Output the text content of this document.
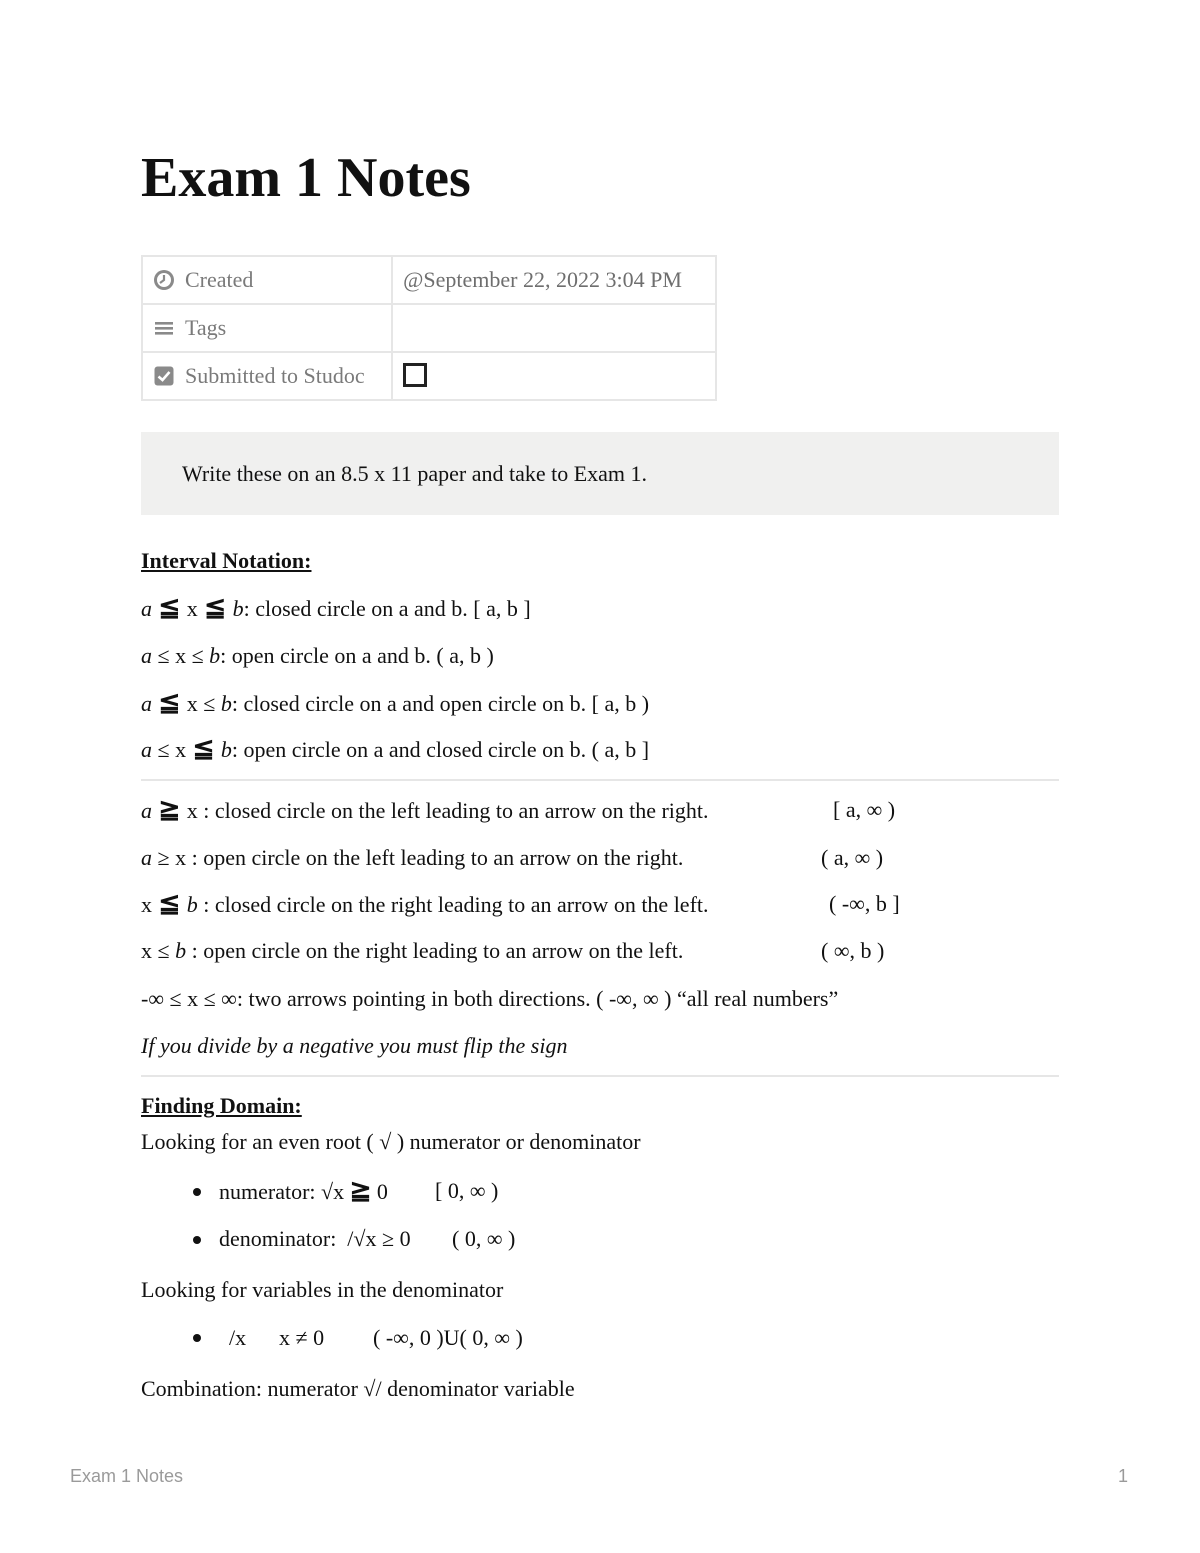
Exam 1 Notes
Created	@September 22, 2022 3:04 PM
Tags	
Submitted to Studoc	
Write these on an 8.5 x 11 paper and take to Exam 1.
Interval Notation:
a ≦ x ≦ b: closed circle on a and b. [ a, b ]
a ≤ x ≤ b: open circle on a and b. ( a, b )
a ≦ x ≤ b: closed circle on a and open circle on b. [ a, b )
a ≤ x ≦ b: open circle on a and closed circle on b. ( a, b ]
a ≧ x : closed circle on the left leading to an arrow on the right.	[ a, ∞ )
a ≥ x : open circle on the left leading to an arrow on the right.	( a, ∞ )
x ≦ b : closed circle on the right leading to an arrow on the left.	( -∞, b ]
x ≤ b : open circle on the right leading to an arrow on the left.	( ∞, b )
-∞ ≤ x ≤ ∞: two arrows pointing in both directions. ( -∞, ∞ ) “all real numbers”
If you divide by a negative you must flip the sign
Finding Domain:
Looking for an even root ( √ ) numerator or denominator
numerator: √x ≧ 0 [ 0, ∞ )
denominator:  /√x ≥ 0 ( 0, ∞ )
Looking for variables in the denominator
/x x ≠ 0 ( -∞, 0 )U( 0, ∞ )
Combination: numerator √/ denominator variable
Exam 1 Notes	1
